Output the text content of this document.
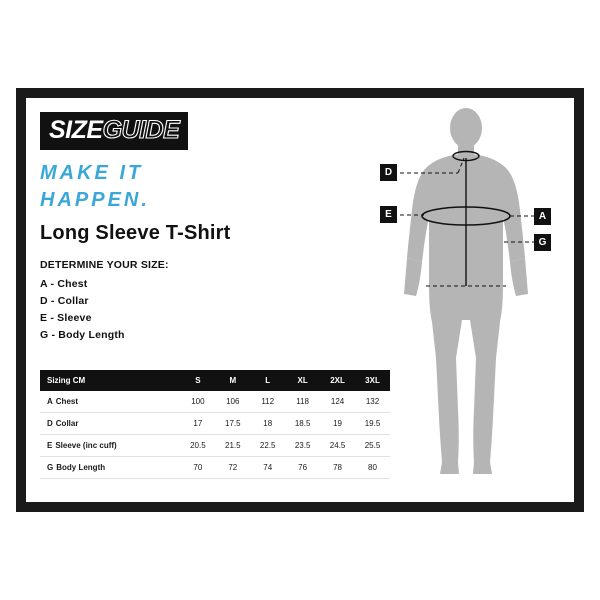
SIZEGUIDE
MAKE IT
HAPPEN.
Long Sleeve T-Shirt
DETERMINE YOUR SIZE:
A - Chest
D - Collar
E - Sleeve
G - Body Length
Sizing CM	S	M	L	XL	2XL	3XL
A Chest	100	106	112	118	124	132
D Collar	17	17.5	18	18.5	19	19.5
E Sleeve (inc cuff)	20.5	21.5	22.5	23.5	24.5	25.5
G Body Length	70	72	74	76	78	80
D
E	A
G
